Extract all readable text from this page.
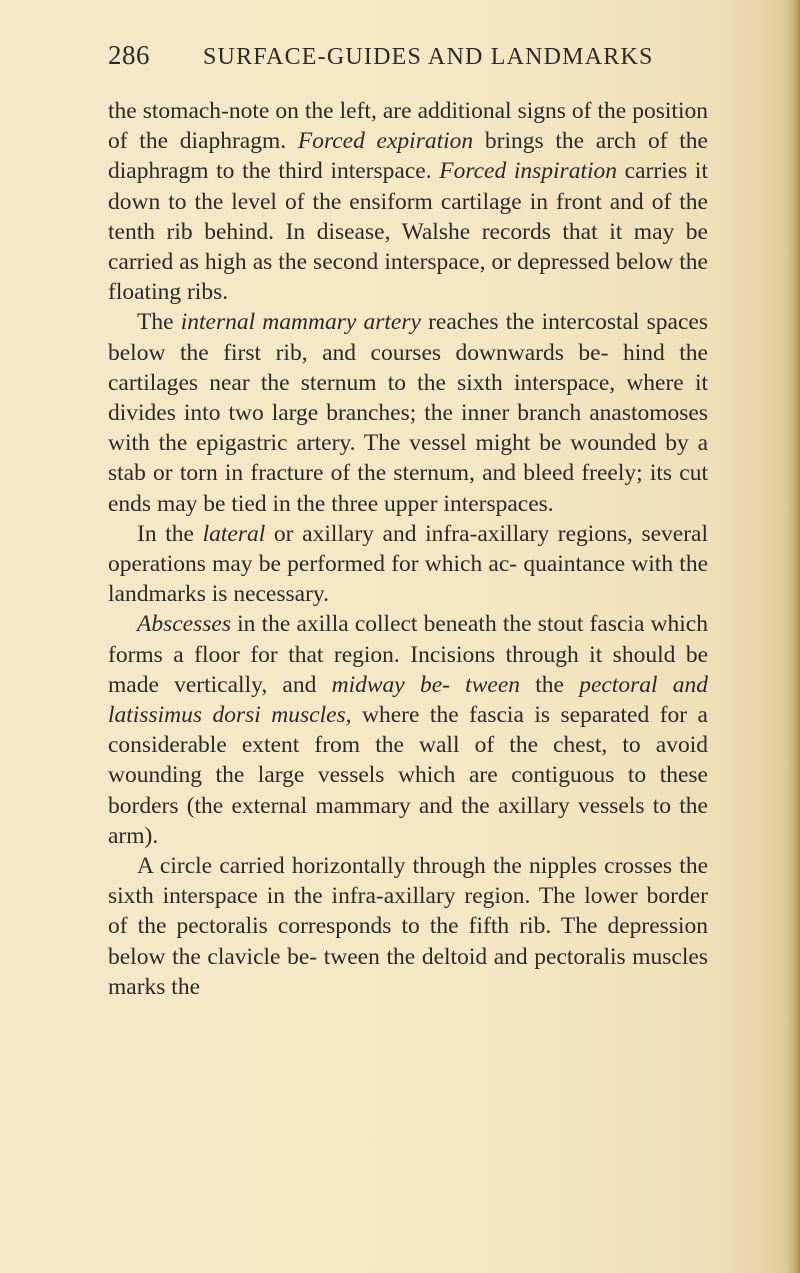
286 SURFACE-GUIDES AND LANDMARKS

the stomach-note on the left, are additional signs of the position of the diaphragm. Forced expiration brings the arch of the diaphragm to the third interspace. Forced inspiration carries it down to the level of the ensiform cartilage in front and of the tenth rib behind. In disease, Walshe records that it may be carried as high as the second interspace, or depressed below the floating ribs.

The internal mammary artery reaches the intercostal spaces below the first rib, and courses downwards be- hind the cartilages near the sternum to the sixth interspace, where it divides into two large branches; the inner branch anastomoses with the epigastric artery. The vessel might be wounded by a stab or torn in fracture of the sternum, and bleed freely; its cut ends may be tied in the three upper interspaces.

In the lateral or axillary and infra-axillary regions, several operations may be performed for which ac- quaintance with the landmarks is necessary.

Abscesses in the axilla collect beneath the stout fascia which forms a floor for that region. Incisions through it should be made vertically, and midway be- tween the pectoral and latissimus dorsi muscles, where the fascia is separated for a considerable extent from the wall of the chest, to avoid wounding the large vessels which are contiguous to these borders (the external mammary and the axillary vessels to the arm).

A circle carried horizontally through the nipples crosses the sixth interspace in the infra-axillary region. The lower border of the pectoralis corresponds to the fifth rib. The depression below the clavicle be- tween the deltoid and pectoralis muscles marks the
